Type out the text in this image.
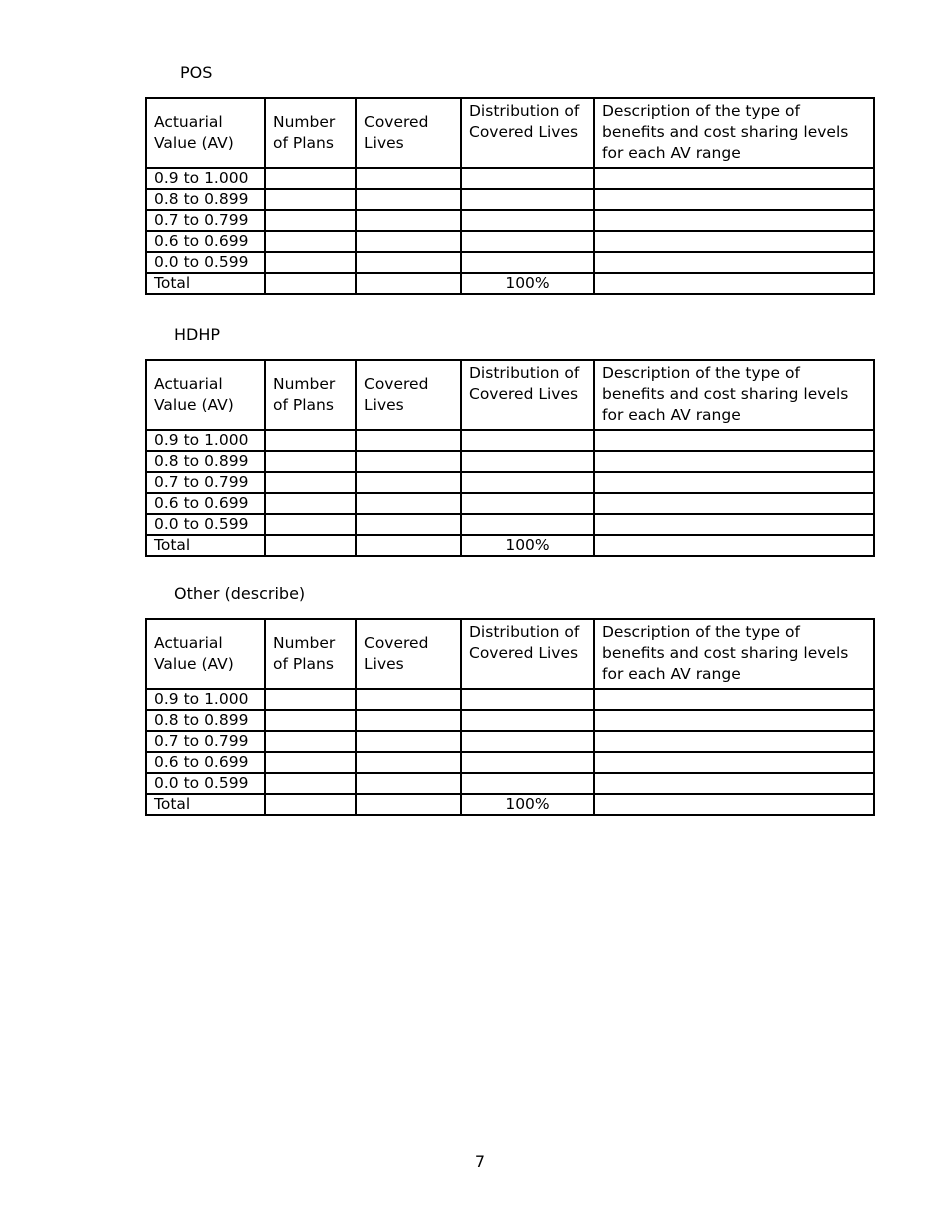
POS
Actuarial Value (AV)	Number of Plans	Covered Lives	Distribution of Covered Lives	Description of the type of benefits and cost sharing levels for each AV range
0.9 to 1.000				
0.8 to 0.899				
0.7 to 0.799				
0.6 to 0.699				
0.0 to 0.599				
Total			100%	
HDHP
Actuarial Value (AV)	Number of Plans	Covered Lives	Distribution of Covered Lives	Description of the type of benefits and cost sharing levels for each AV range
0.9 to 1.000				
0.8 to 0.899				
0.7 to 0.799				
0.6 to 0.699				
0.0 to 0.599				
Total			100%	
Other (describe)
Actuarial Value (AV)	Number of Plans	Covered Lives	Distribution of Covered Lives	Description of the type of benefits and cost sharing levels for each AV range
0.9 to 1.000				
0.8 to 0.899				
0.7 to 0.799				
0.6 to 0.699				
0.0 to 0.599				
Total			100%	
7
